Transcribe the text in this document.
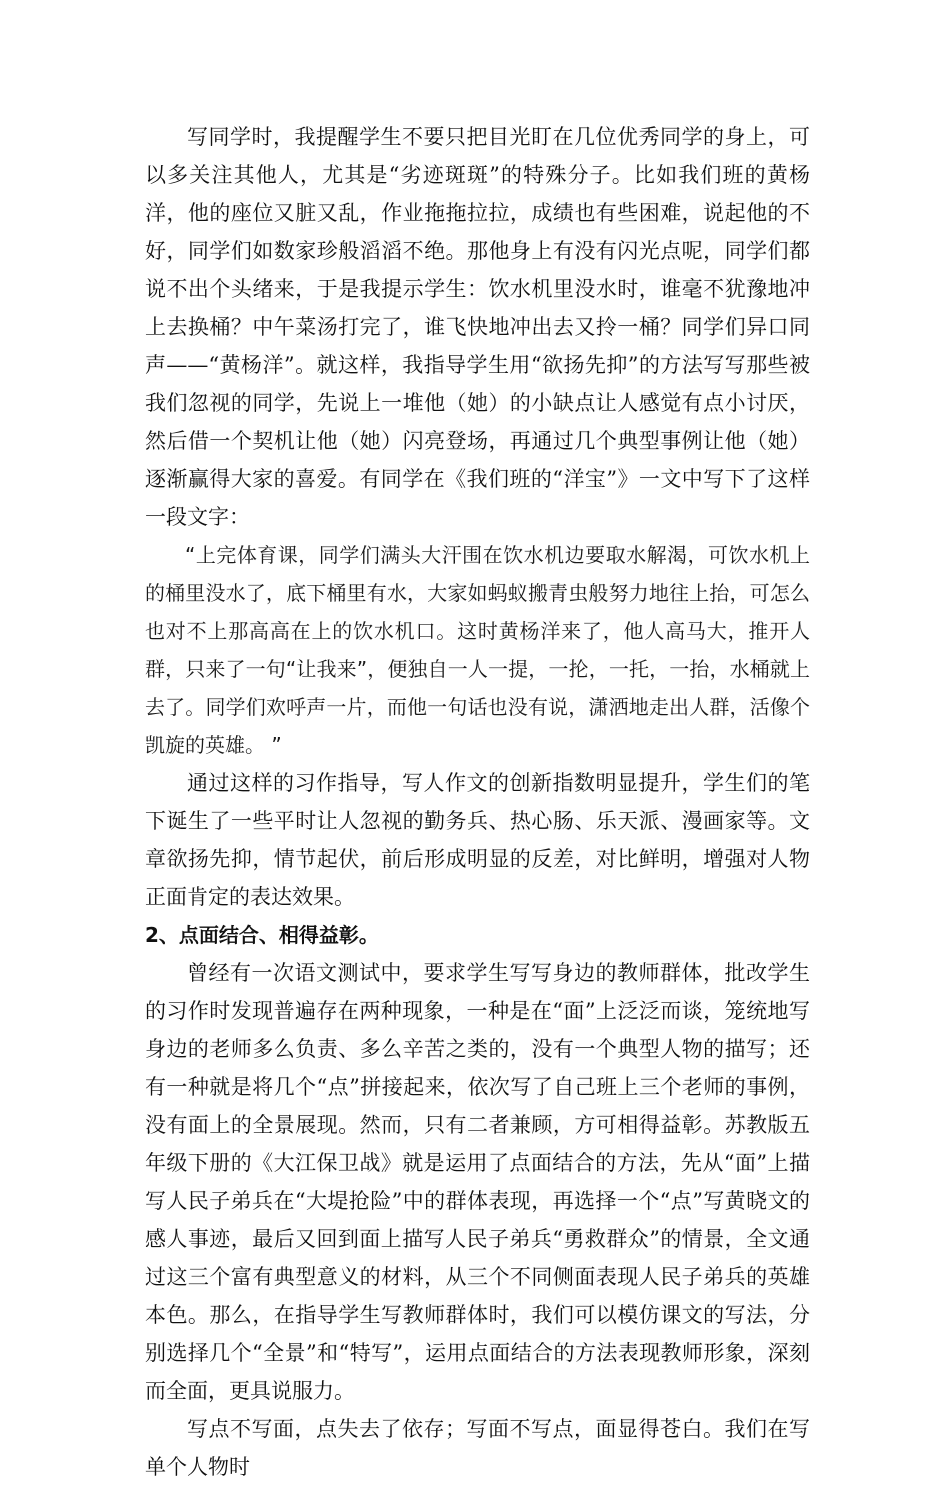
写同学时，我提醒学生不要只把目光盯在几位优秀同学的身上，可以多关注其他人，尤其是“劣迹斑斑”的特殊分子。比如我们班的黄杨洋，他的座位又脏又乱，作业拖拖拉拉，成绩也有些困难，说起他的不好，同学们如数家珍般滔滔不绝。那他身上有没有闪光点呢，同学们都说不出个头绪来，于是我提示学生：饮水机里没水时，谁毫不犹豫地冲上去换桶？中午菜汤打完了，谁飞快地冲出去又拎一桶？同学们异口同声——“黄杨洋”。就这样，我指导学生用“欲扬先抑”的方法写写那些被我们忽视的同学，先说上一堆他（她）的小缺点让人感觉有点小讨厌，然后借一个契机让他（她）闪亮登场，再通过几个典型事例让他（她）逐渐赢得大家的喜爱。有同学在《我们班的“洋宝”》一文中写下了这样一段文字：

“上完体育课，同学们满头大汗围在饮水机边要取水解渴，可饮水机上的桶里没水了，底下桶里有水，大家如蚂蚁搬青虫般努力地往上抬，可怎么也对不上那高高在上的饮水机口。这时黄杨洋来了，他人高马大，推开人群，只来了一句“让我来”，便独自一人一提，一抡，一托，一抬，水桶就上去了。同学们欢呼声一片，而他一句话也没有说，潇洒地走出人群，活像个凯旋的英雄。 ”

通过这样的习作指导，写人作文的创新指数明显提升，学生们的笔下诞生了一些平时让人忽视的勤务兵、热心肠、乐天派、漫画家等。文章欲扬先抑，情节起伏，前后形成明显的反差，对比鲜明，增强对人物正面肯定的表达效果。

2、点面结合、相得益彰。

曾经有一次语文测试中，要求学生写写身边的教师群体，批改学生的习作时发现普遍存在两种现象，一种是在“面”上泛泛而谈，笼统地写身边的老师多么负责、多么辛苦之类的，没有一个典型人物的描写；还有一种就是将几个“点”拼接起来，依次写了自己班上三个老师的事例，没有面上的全景展现。然而，只有二者兼顾，方可相得益彰。苏教版五年级下册的《大江保卫战》就是运用了点面结合的方法，先从“面”上描写人民子弟兵在“大堤抢险”中的群体表现，再选择一个“点”写黄晓文的感人事迹，最后又回到面上描写人民子弟兵“勇救群众”的情景，全文通过这三个富有典型意义的材料，从三个不同侧面表现人民子弟兵的英雄本色。那么，在指导学生写教师群体时，我们可以模仿课文的写法，分别选择几个“全景”和“特写”，运用点面结合的方法表现教师形象，深刻而全面，更具说服力。

写点不写面，点失去了依存；写面不写点，面显得苍白。我们在写单个人物时
